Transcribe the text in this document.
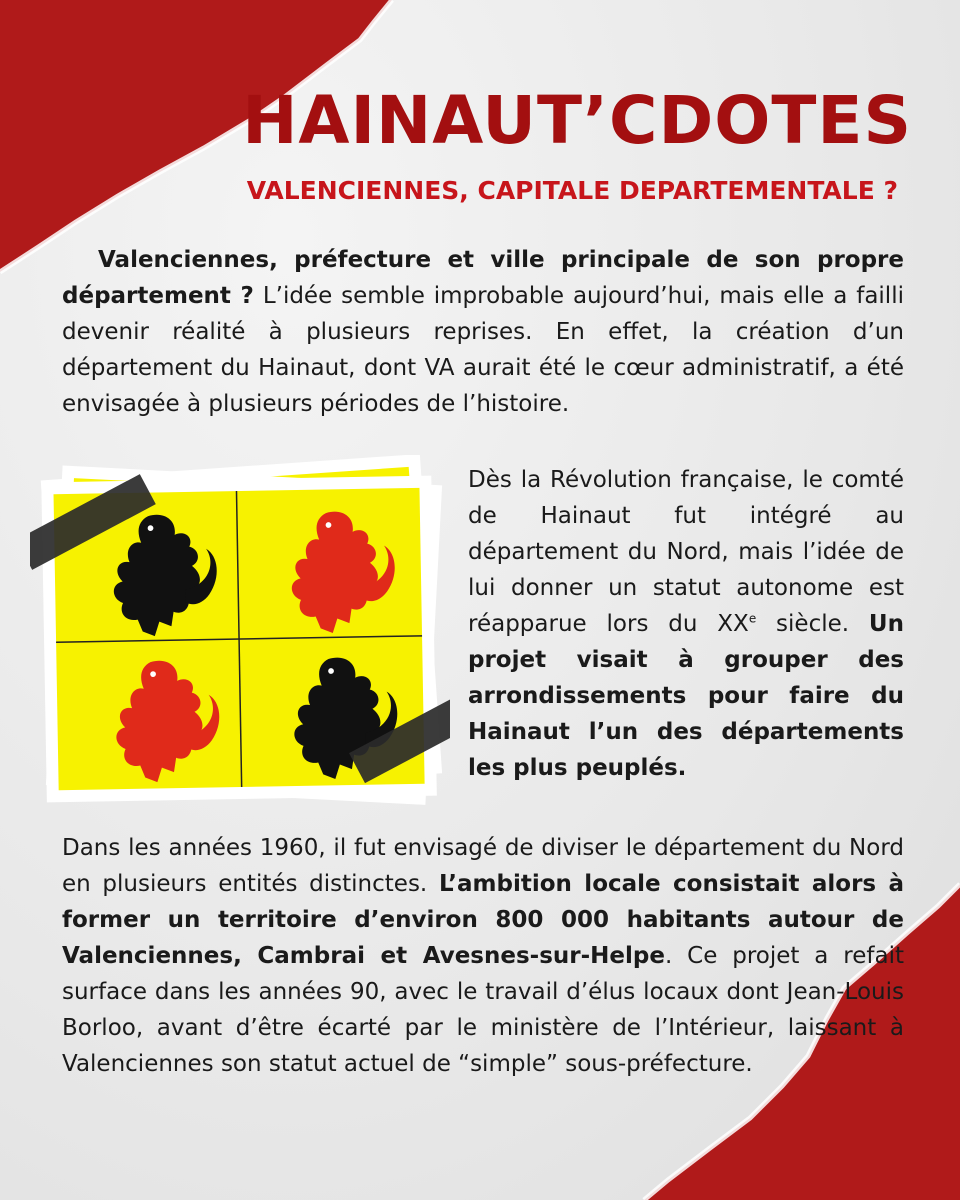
HAINAUT’CDOTES
VALENCIENNES, CAPITALE DEPARTEMENTALE ?

Valenciennes, préfecture et ville principale de son propre département ? L’idée semble improbable aujourd’hui, mais elle a failli devenir réalité à plusieurs reprises. En effet, la création d’un département du Hainaut, dont VA aurait été le cœur administratif, a été envisagée à plusieurs périodes de l’histoire.

Dès la Révolution française, le comté de Hainaut fut intégré au département du Nord, mais l’idée de lui donner un statut autonome est réapparue lors du XXe siècle. Un projet visait à grouper des arrondissements pour faire du Hainaut l’un des départements les plus peuplés.

Dans les années 1960, il fut envisagé de diviser le département du Nord en plusieurs entités distinctes. L’ambition locale consistait alors à former un territoire d’environ 800 000 habitants autour de Valenciennes, Cambrai et Avesnes-sur-Helpe. Ce projet a refait surface dans les années 90, avec le travail d’élus locaux dont Jean-Louis Borloo, avant d’être écarté par le ministère de l’Intérieur, laissant à Valenciennes son statut actuel de “simple” sous-préfecture.
